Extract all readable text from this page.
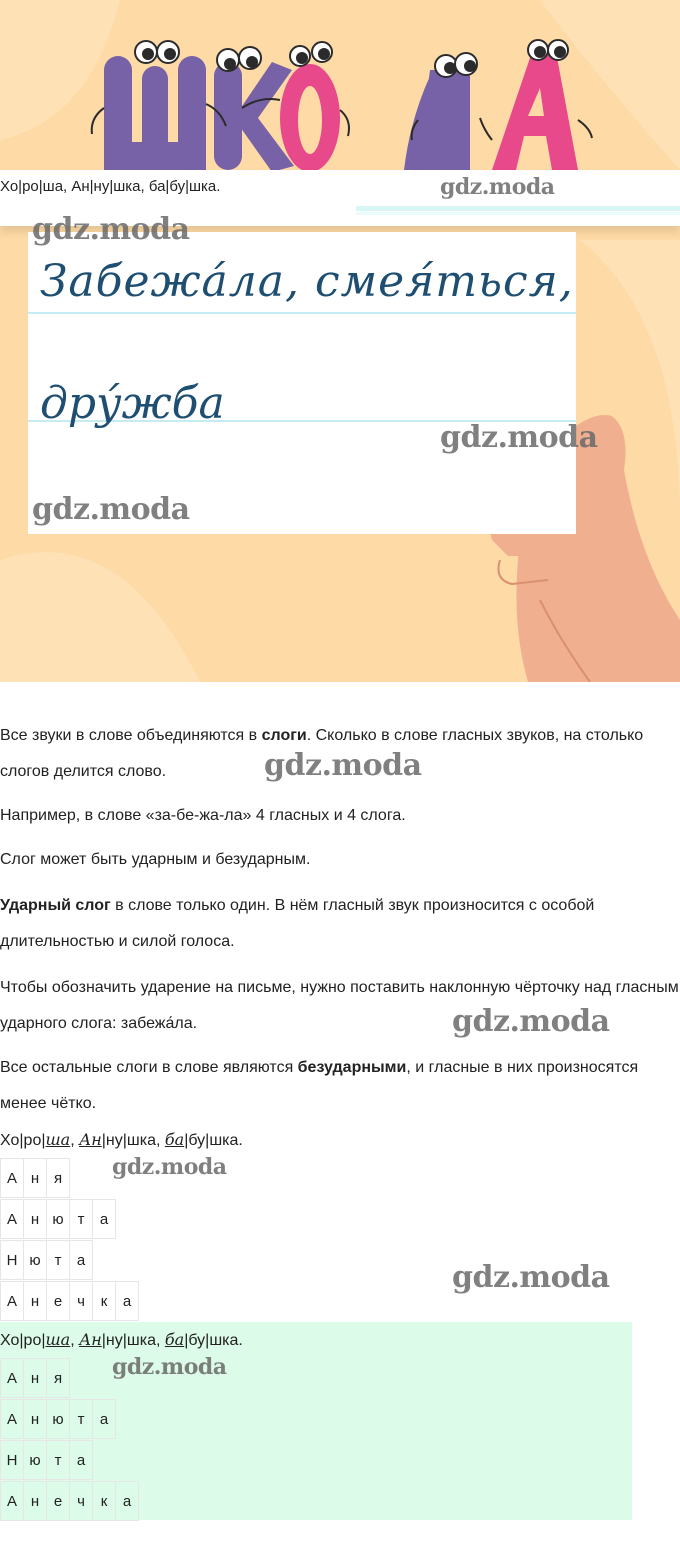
Хо|ро|ша, Ан|ну|шка, ба|бу|шка.
Забежа́ла, смея́ться,
дру́жба
gdz.moda
gdz.moda
gdz.moda
gdz.moda
Все звуки в слове объединяются в слоги. Сколько в слове гласных звуков, на столько слогов делится слово.	gdz.moda
Например, в слове «за-бе-жа-ла» 4 гласных и 4 слога.
Слог может быть ударным и безударным.
Ударный слог в слове только один. В нём гласный звук произносится с особой длительностью и силой голоса.
Чтобы обозначить ударение на письме, нужно поставить наклонную чёрточку над гласным ударного слога: забежа́ла.	gdz.moda
Все остальные слоги в слове являются безударными, и гласные в них произносятся менее чётко.
Хо|ро|ша, Ан|ну|шка, ба|бу|шка.
gdz.moda
gdz.moda
А н я
А н ю т	а
Н ю т	а
А н е ч	к	а
Хо|ро|ша, Ан|ну|шка, ба|бу|шка.
gdz.moda
А н я
А н ю т	а
Н ю т	а
А н е ч	к	а
